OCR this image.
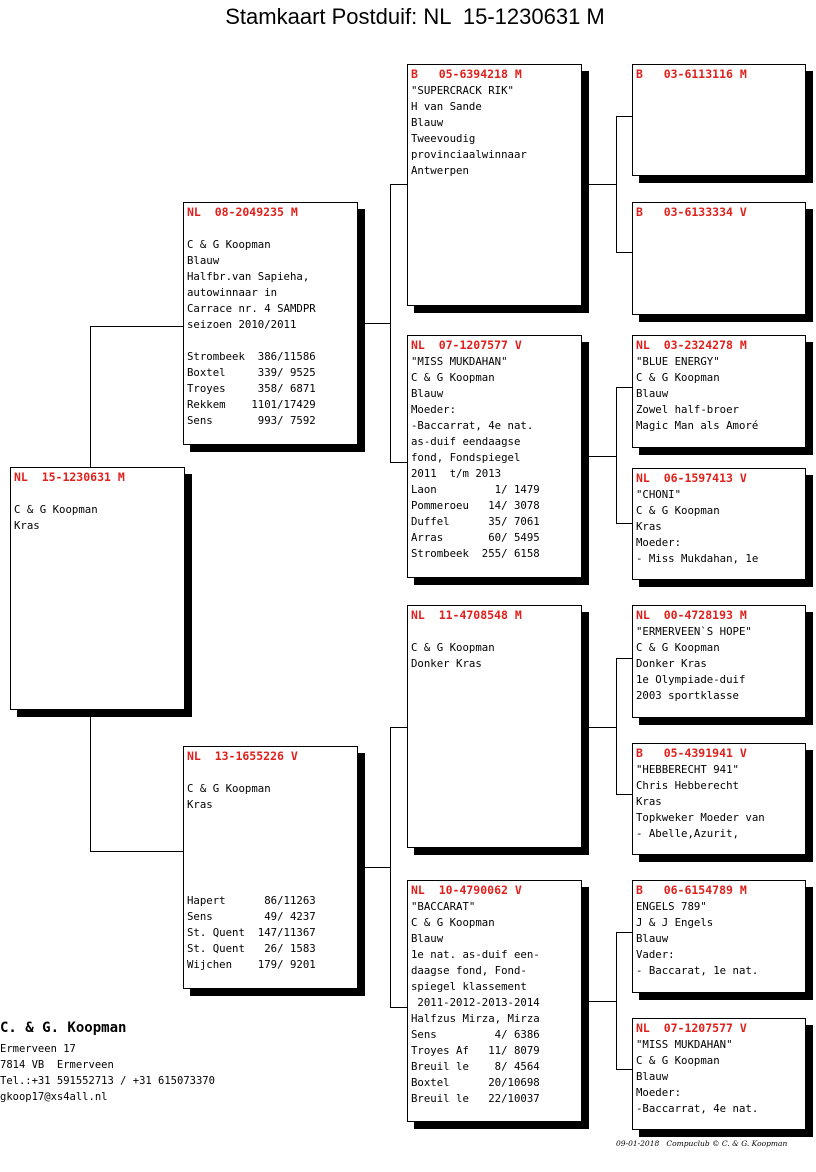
Stamkaart Postduif: NL  15-1230631 M
NL  15-1230631 M
C & G Koopman
Kras
NL  08-2049235 M
C & G Koopman
Blauw
Halfbr.van Sapieha,
autowinnaar in
Carrace nr. 4 SAMDPR
seizoen 2010/2011
Strombeek  386/11586
Boxtel     339/ 9525
Troyes     358/ 6871
Rekkem    1101/17429
Sens       993/ 7592
NL  13-1655226 V
C & G Koopman
Kras
Hapert      86/11263
Sens        49/ 4237
St. Quent  147/11367
St. Quent   26/ 1583
Wijchen    179/ 9201
B   05-6394218 M
"SUPERCRACK RIK"
H van Sande
Blauw
Tweevoudig
provinciaalwinnaar
Antwerpen
NL  07-1207577 V
"MISS MUKDAHAN"
C & G Koopman
Blauw
Moeder:
-Baccarrat, 4e nat.
as-duif eendaagse
fond, Fondspiegel
2011  t/m 2013
Laon         1/ 1479
Pommeroeu   14/ 3078
Duffel      35/ 7061
Arras       60/ 5495
Strombeek  255/ 6158
NL  11-4708548 M
C & G Koopman
Donker Kras
NL  10-4790062 V
"BACCARAT"
C & G Koopman
Blauw
1e nat. as-duif een-
daagse fond, Fond-
spiegel klassement
2011-2012-2013-2014
Halfzus Mirza, Mirza
Sens         4/ 6386
Troyes Af   11/ 8079
Breuil le    8/ 4564
Boxtel      20/10698
Breuil le   22/10037
B   03-6113116 M
B   03-6133334 V
NL  03-2324278 M
"BLUE ENERGY"
C & G Koopman
Blauw
Zowel half-broer
Magic Man als Amoré
NL  06-1597413 V
"CHONI"
C & G Koopman
Kras
Moeder:
- Miss Mukdahan, 1e
NL  00-4728193 M
"ERMERVEEN`S HOPE"
C & G Koopman
Donker Kras
1e Olympiade-duif
2003 sportklasse
B   05-4391941 V
"HEBBERECHT 941"
Chris Hebberecht
Kras
Topkweker Moeder van
- Abelle,Azurit,
B   06-6154789 M
ENGELS 789"
J & J Engels
Blauw
Vader:
- Baccarat, 1e nat.
NL  07-1207577 V
"MISS MUKDAHAN"
C & G Koopman
Blauw
Moeder:
-Baccarrat, 4e nat.
C. & G. Koopman
Ermerveen 17
7814 VB  Ermerveen
Tel.:+31 591552713 / +31 615073370
gkoop17@xs4all.nl
09-01-2018   Compuclub © C. & G. Koopman
